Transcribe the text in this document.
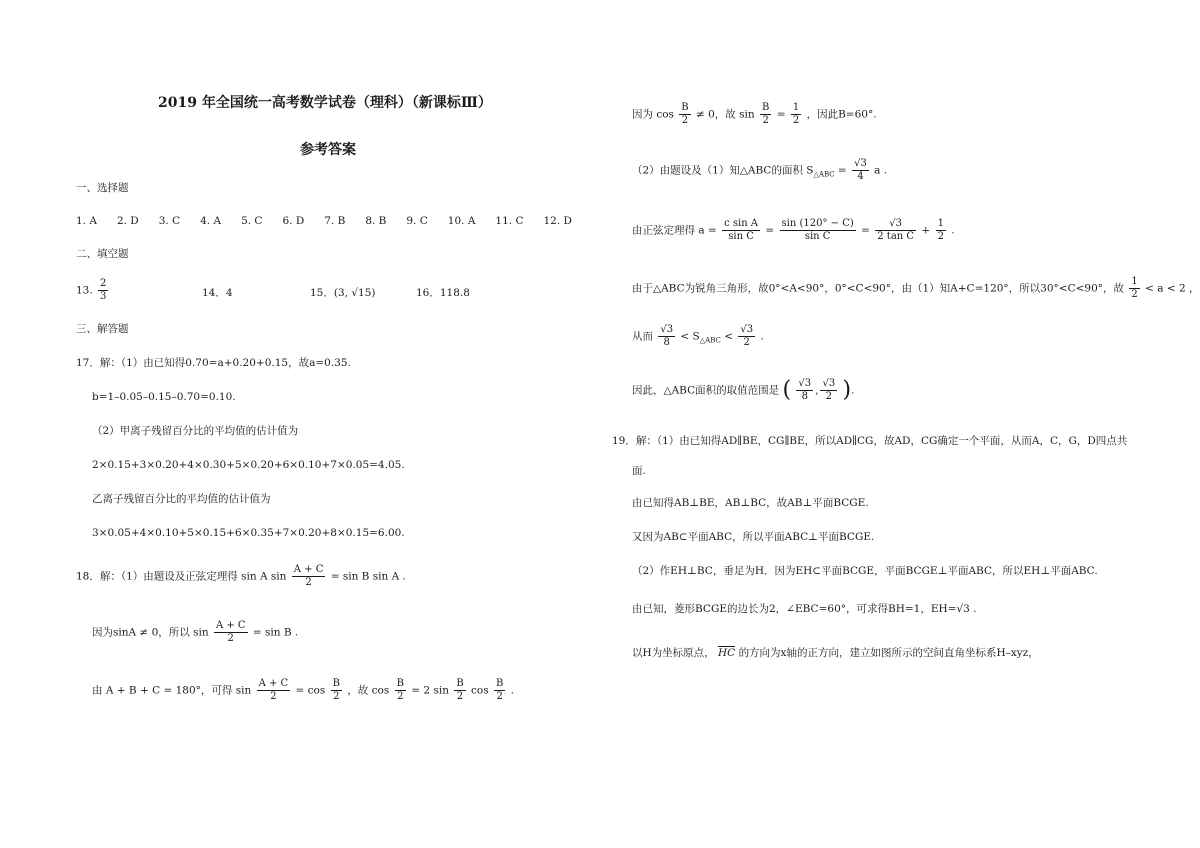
2019 年全国统一高考数学试卷（理科）（新课标Ⅲ）
参考答案
一、选择题
1. A 2. D 3. C 4. A 5. C 6. D 7. B 8. B 9. C 10. A 11. C 12. D
二、填空题
13. $\frac{2}{3}$	14．4	15．(3, √15)	16．118.8
三、解答题
17．解：（1）由已知得0.70=a+0.20+0.15，故a=0.35.
b=1–0.05–0.15–0.70=0.10.
（2）甲离子残留百分比的平均值的估计值为
2×0.15+3×0.20+4×0.30+5×0.20+6×0.10+7×0.05=4.05.
乙离子残留百分比的平均值的估计值为
3×0.05+4×0.10+5×0.15+6×0.35+7×0.20+8×0.15=6.00.
18．解：（1）由题设及正弦定理得 sin A $\sin \frac{A + C}{2} = \sin B$ sin A .
因为sinA ≠ 0，所以 $\sin \frac{A + C}{2} = \sin B$ .
由 A + B + C = 180°，可得 $\sin \frac{A + C}{2} = \cos \frac{B}{2}$ ，故 $\cos \frac{B}{2} = 2$ $\sin \frac{B}{2}$ $\cos \frac{B}{2}$ .
因为 $\cos \frac{B}{2} \ne 0$，故 $\sin \frac{B}{2} = \frac{1}{2}$ ，因此B=60°.
（2）由题设及（1）知△ABC的面积 $S_{\triangle ABC} = \frac{√3}{4}$ a .
由正弦定理得 $a = \frac{\text{c sin A}}{\text{sin C}} = \frac{\sin (120^\circ - C)}{\text{sin C}} = \frac{√3}{\text{2 tan C}} + \frac{1}{2}$ .
由于△ABC为锐角三角形，故0°<A<90°，0°<C<90°，由（1）知A+C=120°，所以30°<C<90°，故 $\frac{1}{2} < a < 2$ ，
从而 $\frac{√3}{8} < S_{\triangle ABC} < \frac{√3}{2}$ .
因此，△ABC面积的取值范围是 ( $\frac{√3}{8}$ , $\frac{√3}{2}$ ).
19．解：（1）由已知得AD∥BE，CG∥BE，所以AD∥CG，故AD，CG确定一个平面，从而A，C，G，D四点共
面.
由已知得AB⊥BE，AB⊥BC，故AB⊥平面BCGE.
又因为AB⊂平面ABC，所以平面ABC⊥平面BCGE.
（2）作EH⊥BC，垂足为H．因为EH⊂平面BCGE，平面BCGE⊥平面ABC，所以EH⊥平面ABC.
由已知，菱形BCGE的边长为2，∠EBC=60°，可求得BH=1，EH=√3 .
以H为坐标原点， HC 的方向为x轴的正方向，建立如图所示的空间直角坐标系H–xyz，
